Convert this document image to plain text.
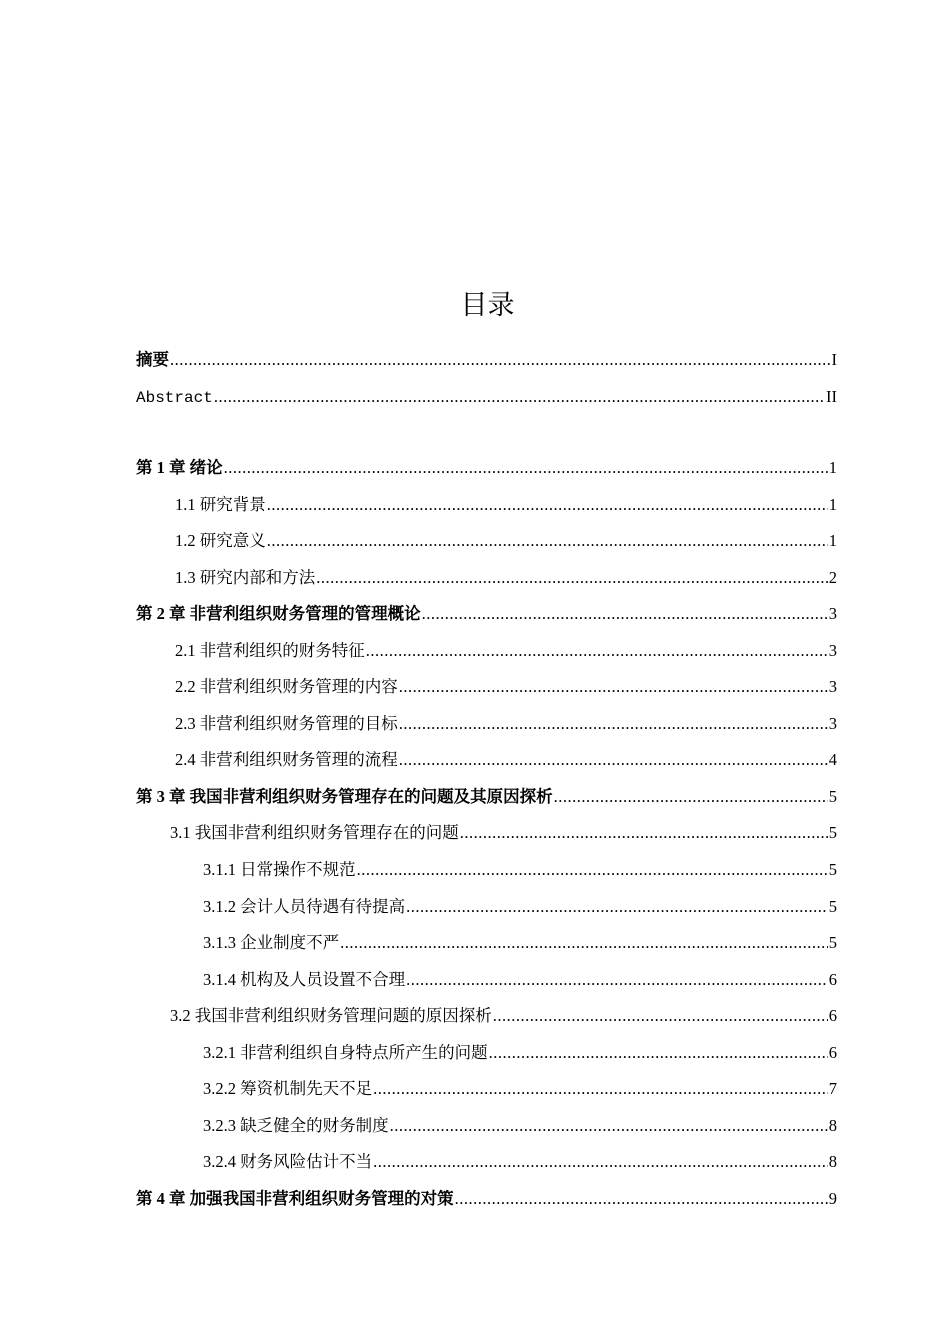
目录
摘要 .....	I
Abstract .....	II
第 1 章 绪论 .....	1
1.1 研究背景 .....	1
1.2 研究意义 .....	1
1.3 研究内部和方法 .....	2
第 2 章 非营利组织财务管理的管理概论 .....	3
2.1 非营利组织的财务特征 .....	3
2.2 非营利组织财务管理的内容 .....	3
2.3 非营利组织财务管理的目标 .....	3
2.4 非营利组织财务管理的流程 .....	4
第 3 章 我国非营利组织财务管理存在的问题及其原因探析 .....	5
3.1 我国非营利组织财务管理存在的问题 .....	5
3.1.1 日常操作不规范 .....	5
3.1.2 会计人员待遇有待提高 .....	5
3.1.3 企业制度不严 .....	5
3.1.4 机构及人员设置不合理 .....	6
3.2 我国非营利组织财务管理问题的原因探析 .....	6
3.2.1 非营利组织自身特点所产生的问题 .....	6
3.2.2 筹资机制先天不足 .....	7
3.2.3 缺乏健全的财务制度 .....	8
3.2.4 财务风险估计不当 .....	8
第 4 章 加强我国非营利组织财务管理的对策 .....	9
